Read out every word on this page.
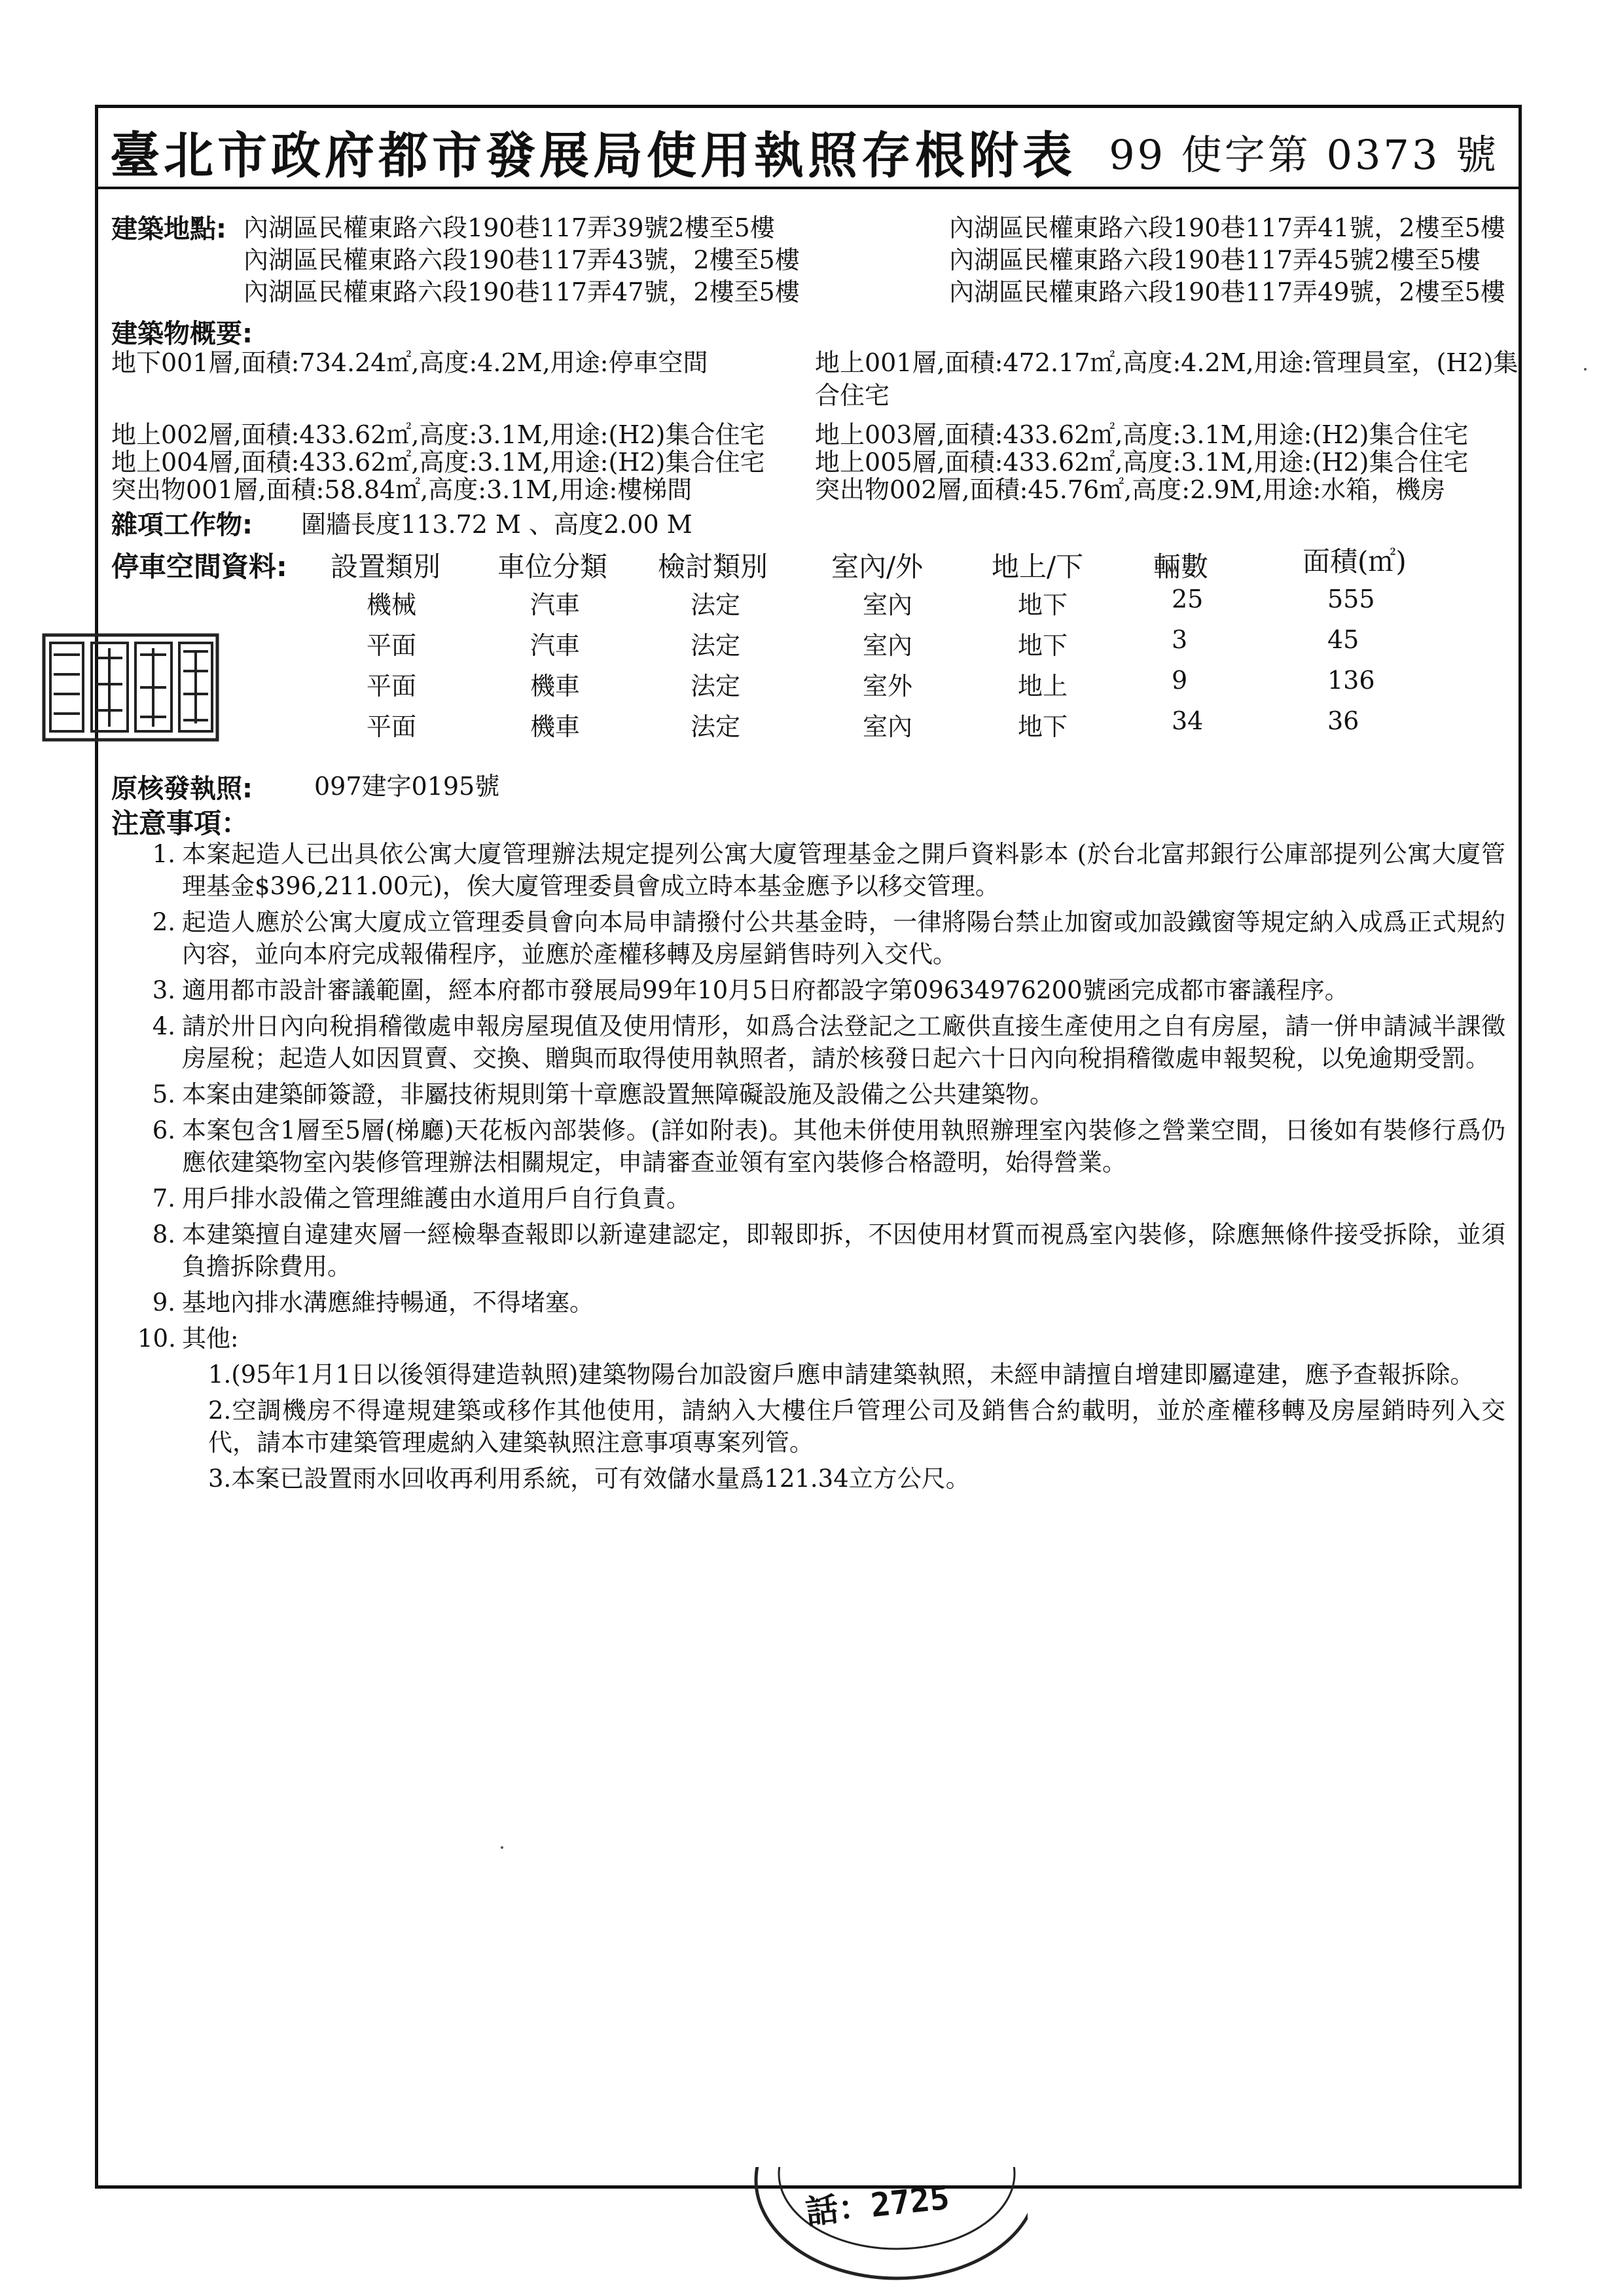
臺北市政府都市發展局使用執照存根附表 99 使字第 0373 號
建築地點: 內湖區民權東路六段190巷117弄39號2樓至5樓	內湖區民權東路六段190巷117弄41號，2樓至5樓
內湖區民權東路六段190巷117弄43號，2樓至5樓	內湖區民權東路六段190巷117弄45號2樓至5樓
內湖區民權東路六段190巷117弄47號，2樓至5樓	內湖區民權東路六段190巷117弄49號，2樓至5樓
建築物概要:
地下001層,面積:734.24㎡,高度:4.2M,用途:停車空間	地上001層,面積:472.17㎡,高度:4.2M,用途:管理員室，(H2)集
合住宅
地上002層,面積:433.62㎡,高度:3.1M,用途:(H2)集合住宅 地上003層,面積:433.62㎡,高度:3.1M,用途:(H2)集合住宅
地上004層,面積:433.62㎡,高度:3.1M,用途:(H2)集合住宅 地上005層,面積:433.62㎡,高度:3.1M,用途:(H2)集合住宅
突出物001層,面積:58.84㎡,高度:3.1M,用途:樓梯間	突出物002層,面積:45.76㎡,高度:2.9M,用途:水箱，機房
雜項工作物: 圍牆長度113.72 M 、高度2.00 M
停車空間資料: 設置類別 車位分類 檢討類別 室內/外 地上/下	輛數	面積(㎡)
機械	汽車	法定	室內	地下	25	555
平面	汽車	法定	室內	地下	3	45
平面	機車	法定	室外	地上	9	136
平面	機車	法定	室內	地下	34	36
原核發執照: 097建字0195號
注意事項：
1. 本案起造人已出具依公寓大廈管理辦法規定提列公寓大廈管理基金之開戶資料影本 (於台北富邦銀行公庫部提列公寓大廈管理基金$396,211.00元)，俟大廈管理委員會成立時本基金應予以移交管理。
2. 起造人應於公寓大廈成立管理委員會向本局申請撥付公共基金時，一律將陽台禁止加窗或加設鐵窗等規定納入成爲正式規約內容，並向本府完成報備程序，並應於產權移轉及房屋銷售時列入交代。
3. 適用都市設計審議範圍，經本府都市發展局99年10月5日府都設字第09634976200號函完成都市審議程序。
4. 請於卅日內向稅捐稽徵處申報房屋現值及使用情形，如爲合法登記之工廠供直接生產使用之自有房屋，請一併申請減半課徵房屋稅；起造人如因買賣、交換、贈與而取得使用執照者，請於核發日起六十日內向稅捐稽徵處申報契稅，以免逾期受罰。
5. 本案由建築師簽證，非屬技術規則第十章應設置無障礙設施及設備之公共建築物。
6. 本案包含1層至5層(梯廳)天花板內部裝修。(詳如附表)。其他未併使用執照辦理室內裝修之營業空間，日後如有裝修行爲仍應依建築物室內裝修管理辦法相關規定，申請審查並領有室內裝修合格證明，始得營業。
7. 用戶排水設備之管理維護由水道用戶自行負責。
8. 本建築擅自違建夾層一經檢舉查報即以新違建認定，即報即拆，不因使用材質而視爲室內裝修，除應無條件接受拆除，並須負擔拆除費用。
9. 基地內排水溝應維持暢通，不得堵塞。
10. 其他:
1.(95年1月1日以後領得建造執照)建築物陽台加設窗戶應申請建築執照，未經申請擅自增建即屬違建，應予查報拆除。
2.空調機房不得違規建築或移作其他使用，請納入大樓住戶管理公司及銷售合約載明，並於產權移轉及房屋銷時列入交代，請本市建築管理處納入建築執照注意事項專案列管。
3.本案已設置雨水回收再利用系統，可有效儲水量爲121.34立方公尺。
話：2725
